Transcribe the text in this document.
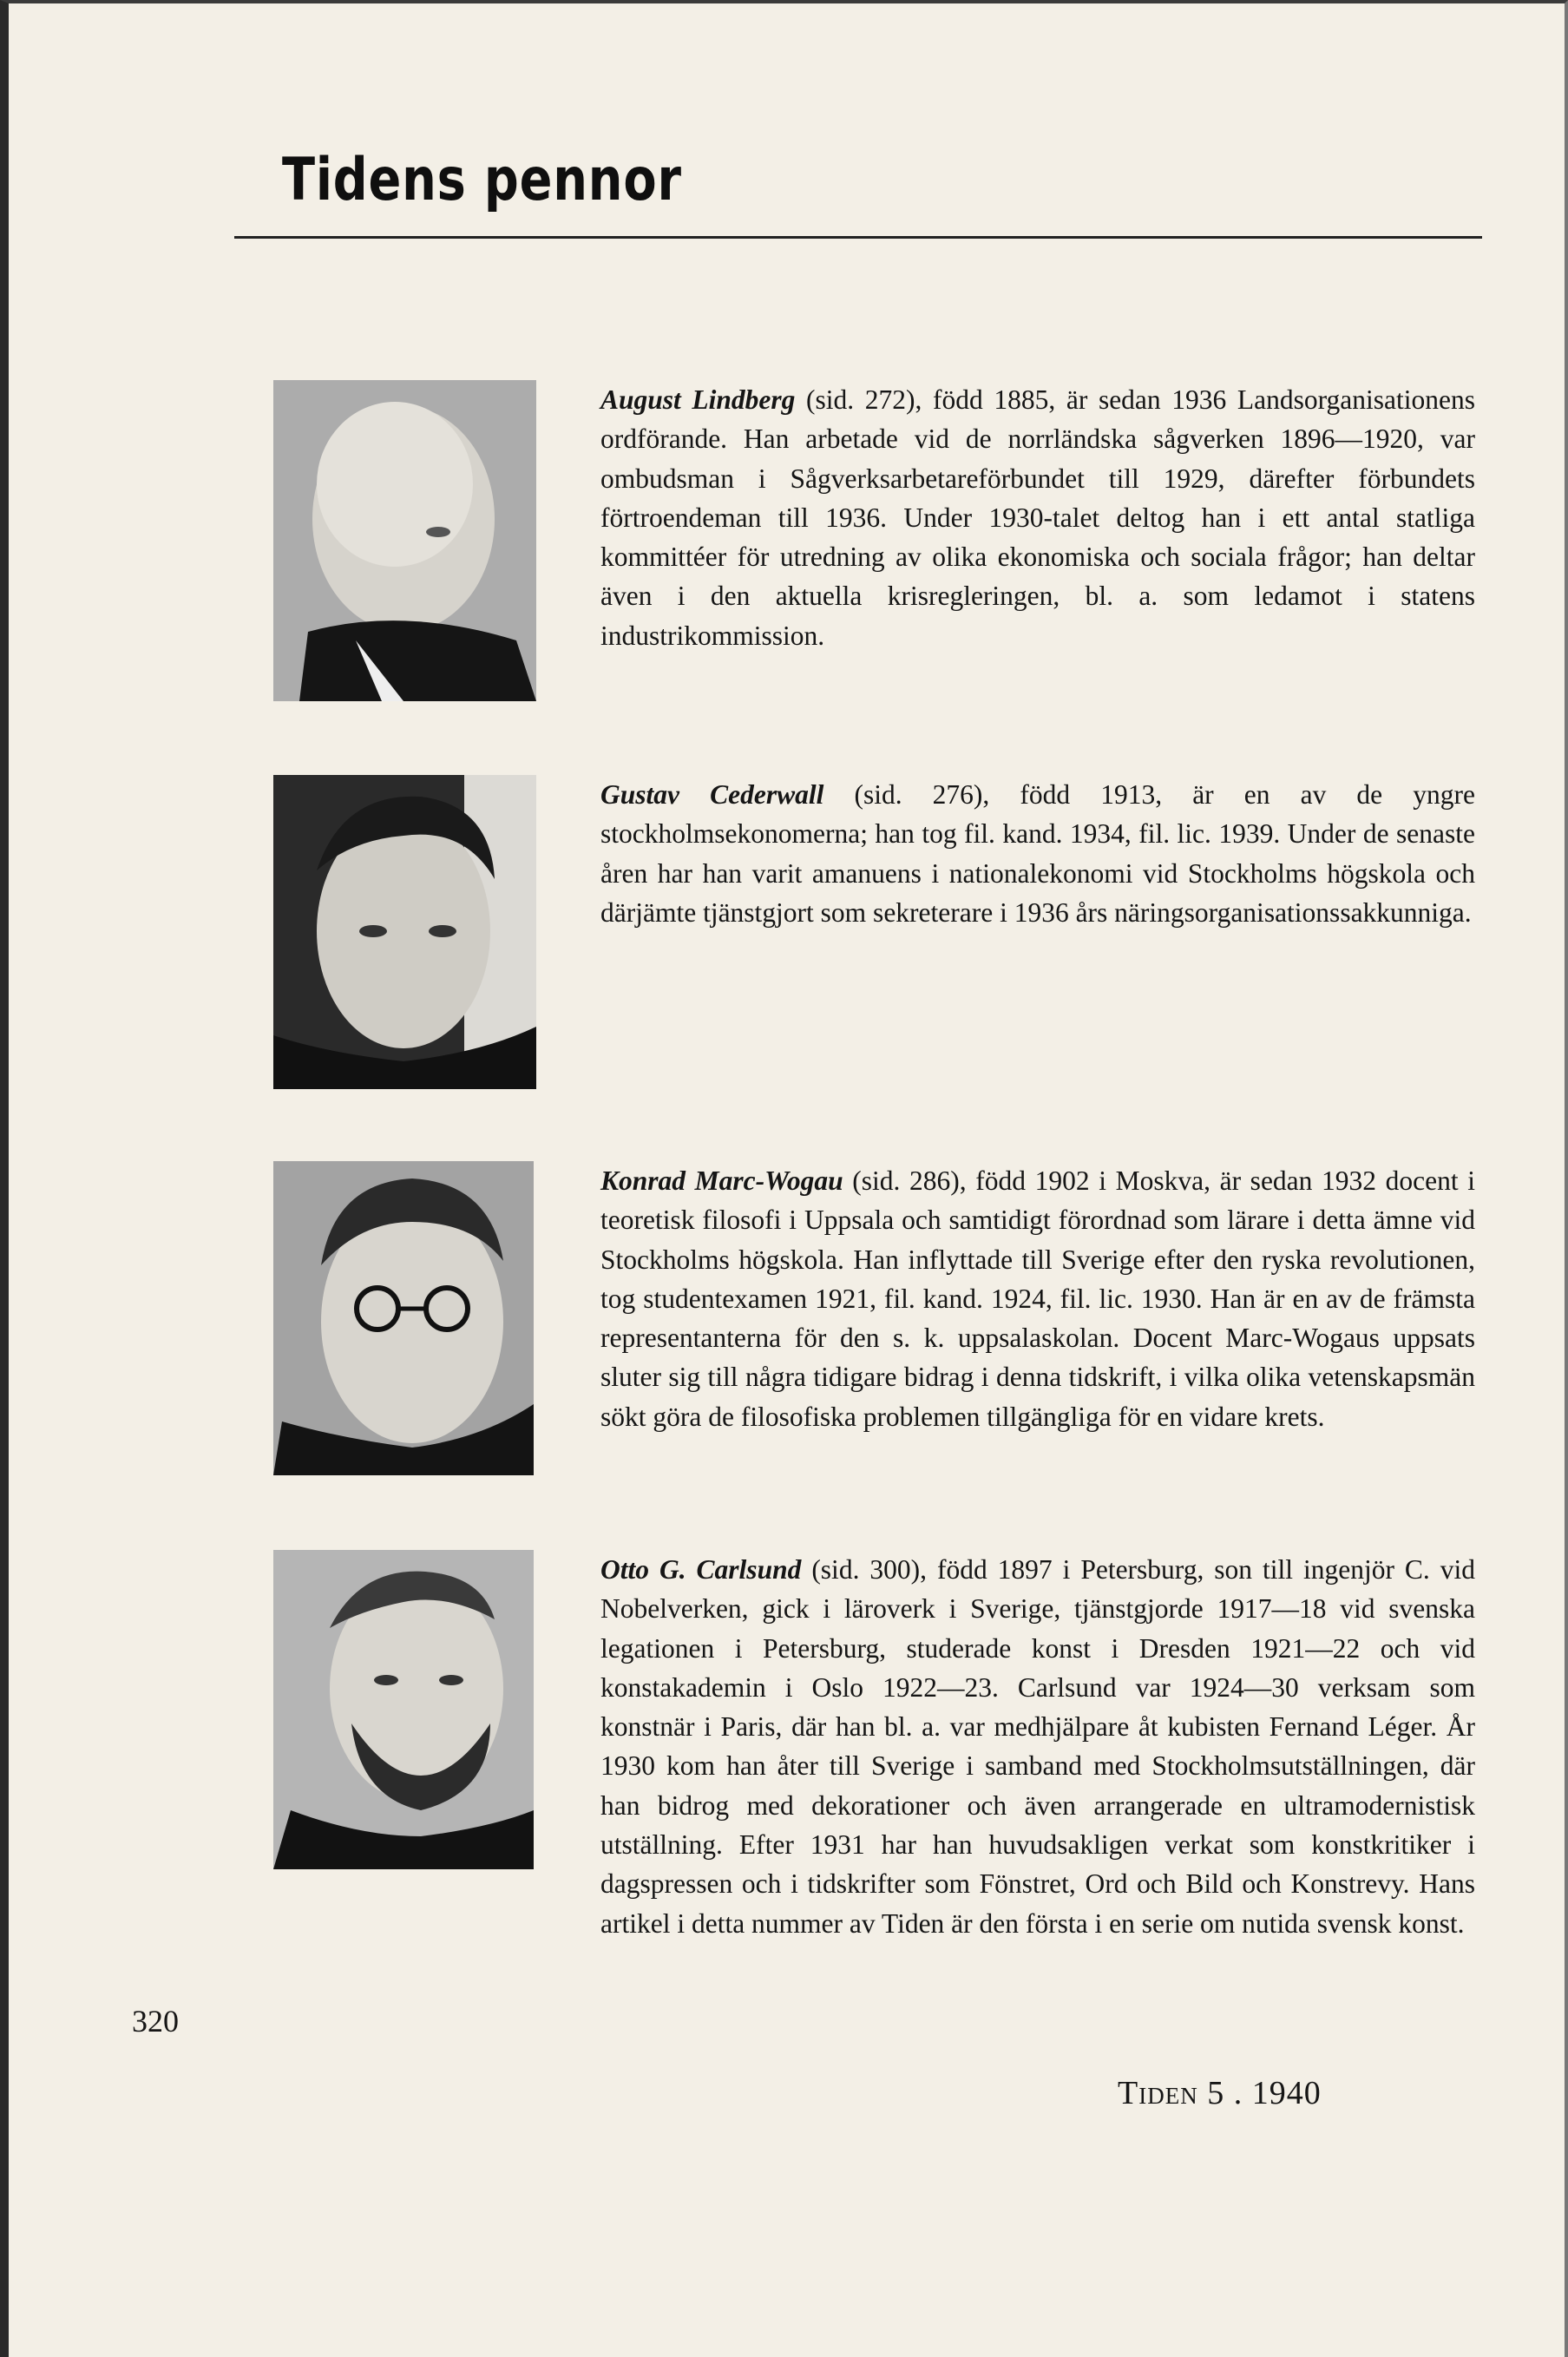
Tidens pennor
August Lindberg (sid. 272), född 1885, är sedan 1936 Landsorganisationens ordförande. Han arbetade vid de norrländska sågverken 1896—1920, var ombudsman i Sågverksarbetareförbundet till 1929, därefter förbundets förtroendeman till 1936. Under 1930-talet deltog han i ett antal statliga kommittéer för utredning av olika ekonomiska och sociala frågor; han deltar även i den aktuella krisregleringen, bl. a. som ledamot i statens industrikommission.
Gustav Cederwall (sid. 276), född 1913, är en av de yngre stockholmsekonomerna; han tog fil. kand. 1934, fil. lic. 1939. Under de senaste åren har han varit amanuens i nationalekonomi vid Stockholms högskola och därjämte tjänstgjort som sekreterare i 1936 års näringsorganisationssakkunniga.
Konrad Marc-Wogau (sid. 286), född 1902 i Moskva, är sedan 1932 docent i teoretisk filosofi i Uppsala och samtidigt förordnad som lärare i detta ämne vid Stockholms högskola. Han inflyttade till Sverige efter den ryska revolutionen, tog studentexamen 1921, fil. kand. 1924, fil. lic. 1930. Han är en av de främsta representanterna för den s. k. uppsalaskolan. Docent Marc-Wogaus uppsats sluter sig till några tidigare bidrag i denna tidskrift, i vilka olika vetenskapsmän sökt göra de filosofiska problemen tillgängliga för en vidare krets.
Otto G. Carlsund (sid. 300), född 1897 i Petersburg, son till ingenjör C. vid Nobelverken, gick i läroverk i Sverige, tjänstgjorde 1917—18 vid svenska legationen i Petersburg, studerade konst i Dresden 1921—22 och vid konstakademin i Oslo 1922—23. Carlsund var 1924—30 verksam som konstnär i Paris, där han bl. a. var medhjälpare åt kubisten Fernand Léger. År 1930 kom han åter till Sverige i samband med Stockholmsutställningen, där han bidrog med dekorationer och även arrangerade en ultramodernistisk utställning. Efter 1931 har han huvudsakligen verkat som konstkritiker i dagspressen och i tidskrifter som Fönstret, Ord och Bild och Konstrevy. Hans artikel i detta nummer av Tiden är den första i en serie om nutida svensk konst.
320
Tiden 5 . 1940
